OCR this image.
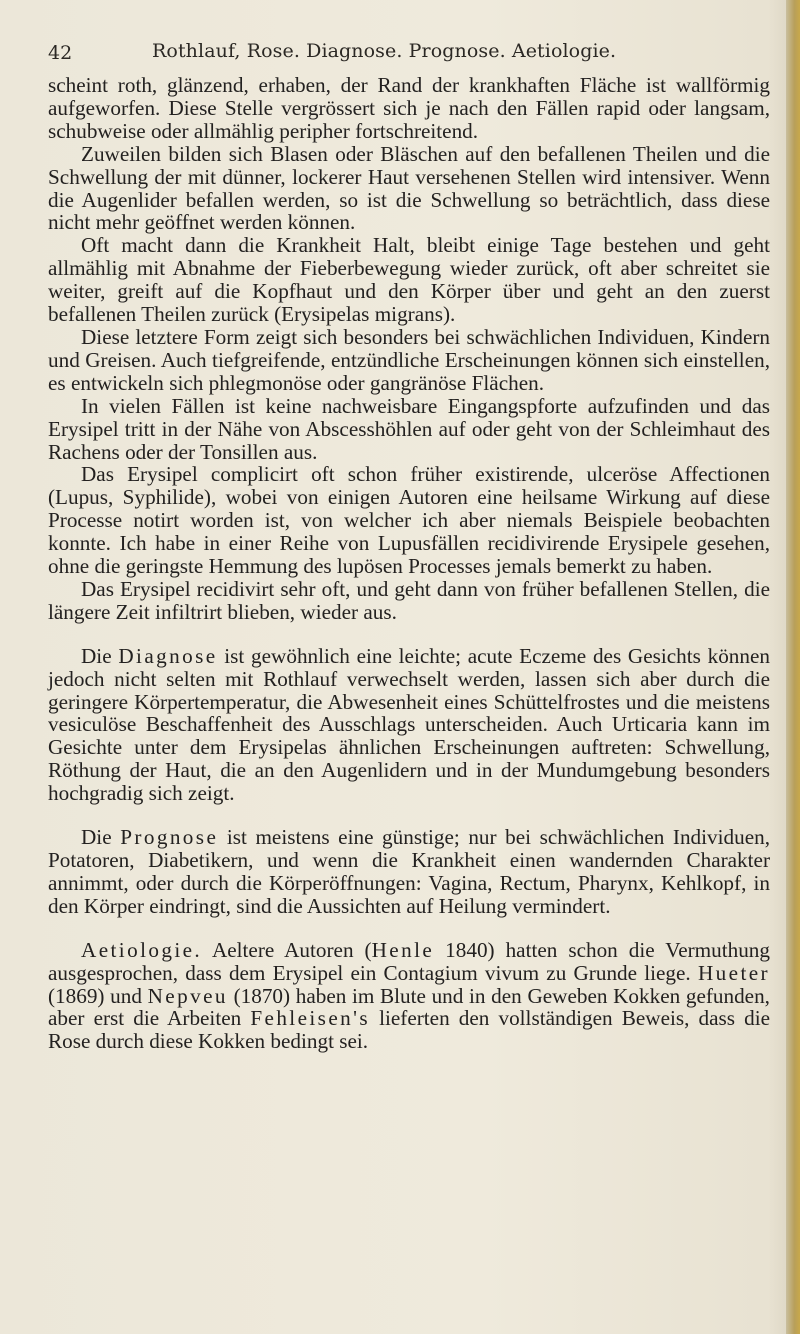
42	Rothlauf, Rose. Diagnose. Prognose. Aetiologie.

scheint roth, glänzend, erhaben, der Rand der krankhaften Fläche ist wallförmig aufgeworfen. Diese Stelle vergrössert sich je nach den Fällen rapid oder langsam, schubweise oder allmählig peripher fortschreitend.

Zuweilen bilden sich Blasen oder Bläschen auf den befallenen Theilen und die Schwellung der mit dünner, lockerer Haut versehenen Stellen wird intensiver. Wenn die Augenlider befallen werden, so ist die Schwellung so beträchtlich, dass diese nicht mehr geöffnet werden können.

Oft macht dann die Krankheit Halt, bleibt einige Tage bestehen und geht allmählig mit Abnahme der Fieberbewegung wieder zurück, oft aber schreitet sie weiter, greift auf die Kopfhaut und den Körper über und geht an den zuerst befallenen Theilen zurück (Erysipelas migrans).

Diese letztere Form zeigt sich besonders bei schwächlichen Individuen, Kindern und Greisen. Auch tiefgreifende, entzündliche Erscheinungen können sich einstellen, es entwickeln sich phlegmonöse oder gangränöse Flächen.

In vielen Fällen ist keine nachweisbare Eingangspforte aufzufinden und das Erysipel tritt in der Nähe von Abscesshöhlen auf oder geht von der Schleimhaut des Rachens oder der Tonsillen aus.

Das Erysipel complicirt oft schon früher existirende, ulceröse Affectionen (Lupus, Syphilide), wobei von einigen Autoren eine heilsame Wirkung auf diese Processe notirt worden ist, von welcher ich aber niemals Beispiele beobachten konnte. Ich habe in einer Reihe von Lupusfällen recidivirende Erysipele gesehen, ohne die geringste Hemmung des lupösen Processes jemals bemerkt zu haben.

Das Erysipel recidivirt sehr oft, und geht dann von früher befallenen Stellen, die längere Zeit infiltrirt blieben, wieder aus.

Die Diagnose ist gewöhnlich eine leichte; acute Eczeme des Gesichts können jedoch nicht selten mit Rothlauf verwechselt werden, lassen sich aber durch die geringere Körpertemperatur, die Abwesenheit eines Schüttelfrostes und die meistens vesiculöse Beschaffenheit des Ausschlags unterscheiden. Auch Urticaria kann im Gesichte unter dem Erysipelas ähnlichen Erscheinungen auftreten: Schwellung, Röthung der Haut, die an den Augenlidern und in der Mundumgebung besonders hochgradig sich zeigt.

Die Prognose ist meistens eine günstige; nur bei schwächlichen Individuen, Potatoren, Diabetikern, und wenn die Krankheit einen wandernden Charakter annimmt, oder durch die Körperöffnungen: Vagina, Rectum, Pharynx, Kehlkopf, in den Körper eindringt, sind die Aussichten auf Heilung vermindert.

Aetiologie. Aeltere Autoren (Henle 1840) hatten schon die Vermuthung ausgesprochen, dass dem Erysipel ein Contagium vivum zu Grunde liege. Hueter (1869) und Nepveu (1870) haben im Blute und in den Geweben Kokken gefunden, aber erst die Arbeiten Fehleisen's lieferten den vollständigen Beweis, dass die Rose durch diese Kokken bedingt sei.
